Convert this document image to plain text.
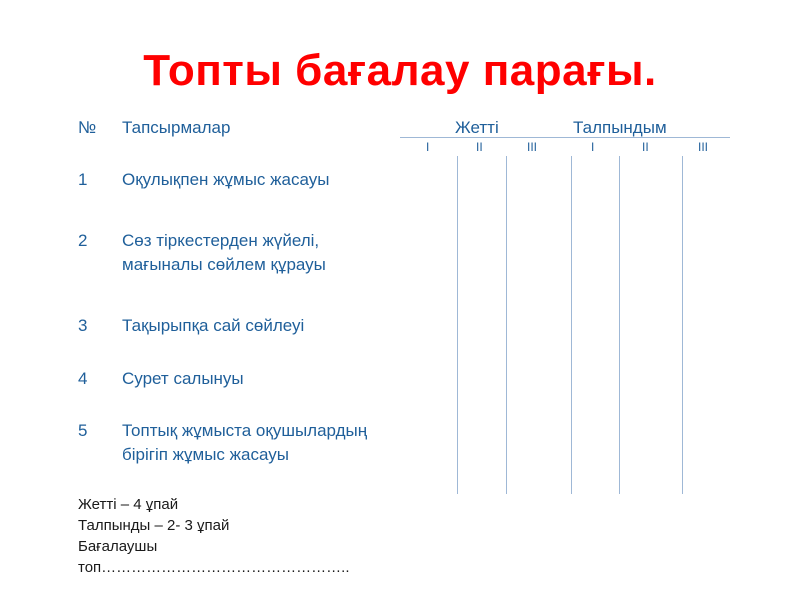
Топты бағалау парағы.
№ Тапсырмалар	Жетті	Талпындым
I	II	III	I	II	III
1 Оқулықпен жұмыс жасауы
2 Сөз тіркестерден жүйелі, мағыналы сөйлем құрауы
3 Тақырыпқа сай сөйлеуі
4 Сурет салынуы
5 Топтық жұмыста оқушылардың бірігіп жұмыс жасауы
Жетті – 4 ұпай
Талпынды – 2- 3 ұпай
Бағалаушы
топ…………………………………………..
